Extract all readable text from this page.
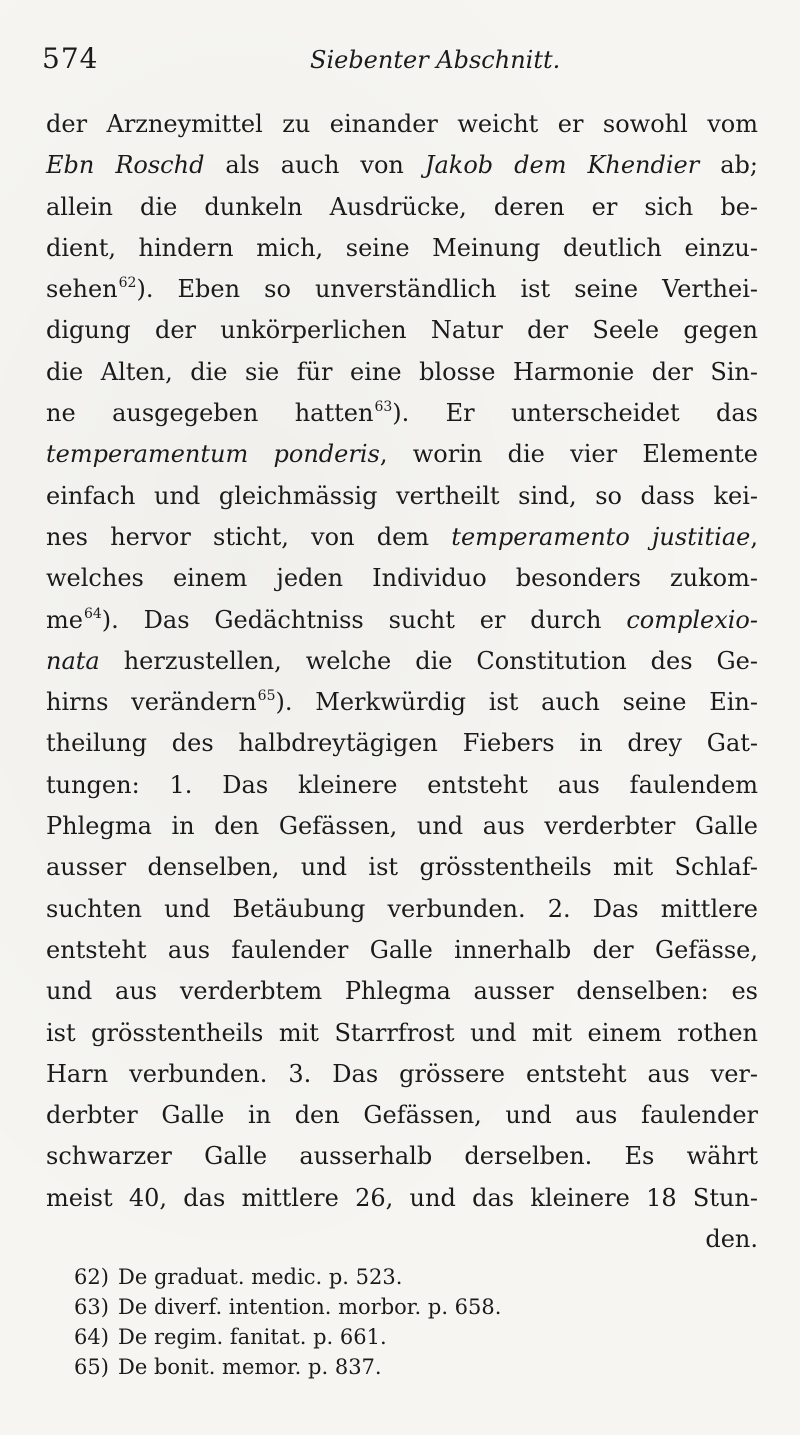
574	Siebenter Abschnitt.
der Arzneymittel zu einander weicht er sowohl vom
Ebn Roschd als auch von Jakob dem Khendier ab;
allein die dunkeln Ausdrücke, deren er sich be-
dient, hindern mich, seine Meinung deutlich einzu-
sehen$^{62}$). Eben so unverständlich ist seine Verthei-
digung der unkörperlichen Natur der Seele gegen
die Alten, die sie für eine blosse Harmonie der Sin-
ne ausgegeben hatten$^{63}$). Er unterscheidet das
temperamentum ponderis, worin die vier Elemente
einfach und gleichmässig vertheilt sind, so dass kei-
nes hervor sticht, von dem temperamento justitiae,
welches einem jeden Individuo besonders zukom-
me$^{64}$). Das Gedächtniss sucht er durch complexio-
nata herzustellen, welche die Constitution des Ge-
hirns verändern$^{65}$). Merkwürdig ist auch seine Ein-
theilung des halbdreytägigen Fiebers in drey Gat-
tungen: 1. Das kleinere entsteht aus faulendem
Phlegma in den Gefässen, und aus verderbter Galle
ausser denselben, und ist grösstentheils mit Schlaf-
suchten und Betäubung verbunden. 2. Das mittlere
entsteht aus faulender Galle innerhalb der Gefässe,
und aus verderbtem Phlegma ausser denselben: es
ist grösstentheils mit Starrfrost und mit einem rothen
Harn verbunden. 3. Das grössere entsteht aus ver-
derbter Galle in den Gefässen, und aus faulender
schwarzer Galle ausserhalb derselben. Es währt
meist 40, das mittlere 26, und das kleinere 18 Stun-
den.
62) De graduat. medic. p. 523.
63) De diverf. intention. morbor. p. 658.
64) De regim. fanitat. p. 661.
65) De bonit. memor. p. 837.
